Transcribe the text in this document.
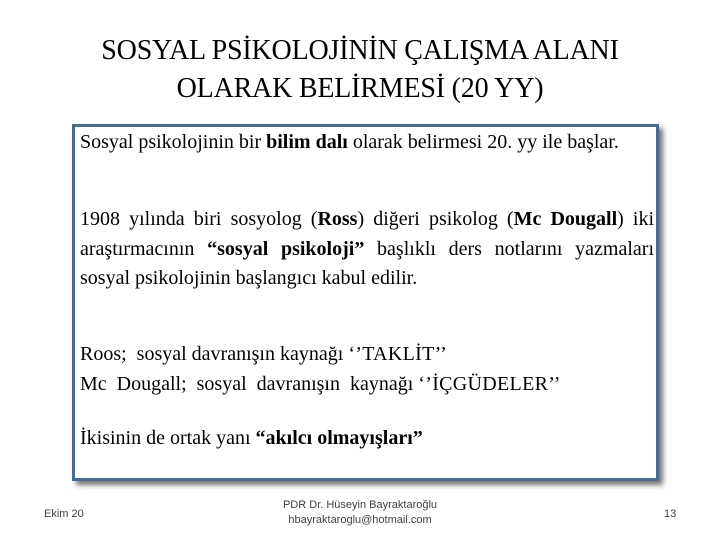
SOSYAL PSİKOLOJİNİN ÇALIŞMA ALANI
OLARAK BELİRMESİ (20 YY)
Sosyal psikolojinin bir bilim dalı olarak belirmesi 20. yy ile başlar.
1908 yılında biri sosyolog (Ross) diğeri psikolog (Mc Dougall) iki araştırmacının “sosyal psikoloji” başlıklı ders notlarını yazmaları sosyal psikolojinin başlangıcı kabul edilir.
Roos;  sosyal davranışın kaynağı ‘’TAKLİT’’
Mc  Dougall;  sosyal  davranışın  kaynağı ‘’İÇGÜDELER’’
İkisinin de ortak yanı “akılcı olmayışları”
Ekim 20
PDR Dr. Hüseyin Bayraktaroğlu
hbayraktaroglu@hotmail.com	13
